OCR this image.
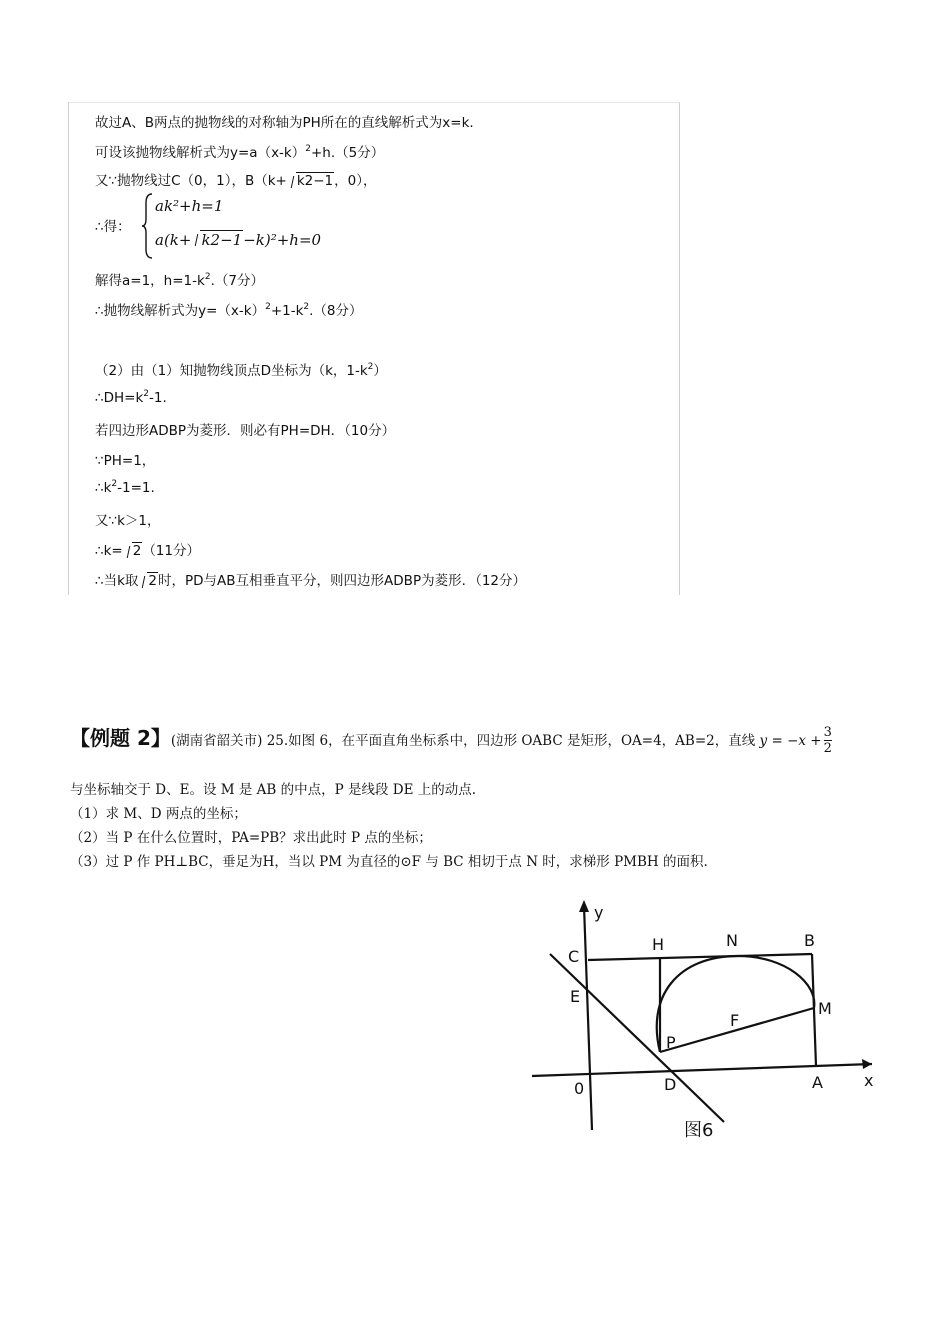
故过A、B两点的抛物线的对称轴为PH所在的直线解析式为x=k.
可设该抛物线解析式为$y=a(x-k)^2+h.(5$分）
又∵抛物线过C（0，1），B（k+ k2−1，0），
∴得：
ak²+h=1
a(k+ k2−1−k)²+h=0
解得a=1，$h=1-k^2.(7$分）
∴抛物线解析式为$y=(x-k)^2+1-k^2.(8$分）
（2）由（1）知抛物线顶点D坐标为（k，$1-k^2$）
$\therefore DH=k^2-1$.
若四边形ADBP为菱形．则必有PH=DH．（10分）
∵PH=1，
$\therefore k^2-1=1$.
又∵k＞1，
∴k= 2（11分）
∴当k取 2时，PD与AB互相垂直平分，则四边形ADBP为菱形．（12分）
【例题 2】(湖南省韶关市) 25.如图 6，在平面直角坐标系中，四边形 OABC 是矩形，OA=4，AB=2，直线 $y = -x + \frac{3}{2}$
与坐标轴交于 D、E。设 M 是 AB 的中点，P 是线段 DE 上的动点.
（1）求 M、D 两点的坐标；
（2）当 P 在什么位置时，PA=PB？求出此时 P 点的坐标；
（3）过 P 作 PH⊥BC，垂足为H，当以 PM 为直径的⊙F 与 BC 相切于点 N 时，求梯形 PMBH 的面积.
y
x
C
H	N	B
E
M
F
P
0	D	A
图6
